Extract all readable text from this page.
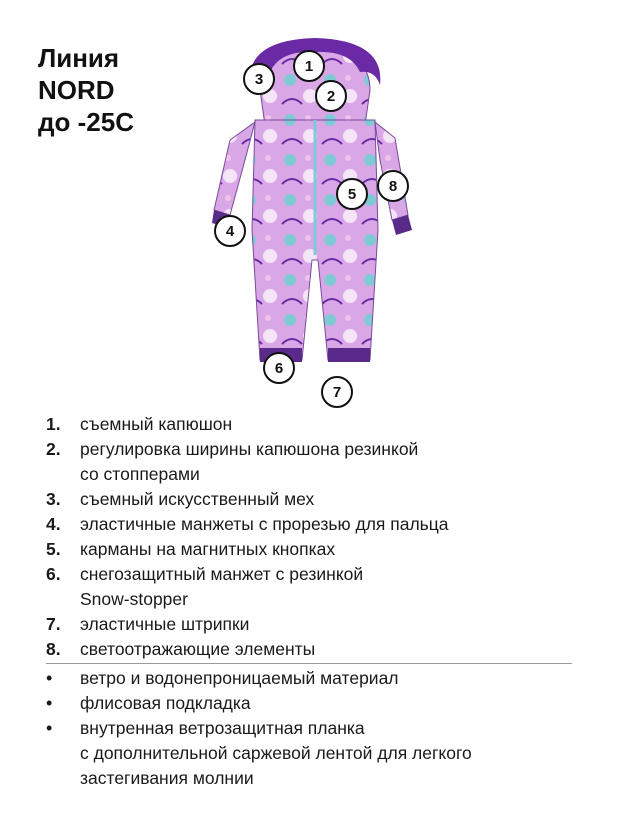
Линия
NORD
до -25С
1
2
3
4
5
6
7
8
1.	съемный капюшон
2.	регулировка ширины капюшона резинкой
со стопперами
3.	съемный искусственный мех
4.	эластичные манжеты с прорезью для пальца
5.	карманы на магнитных кнопках
6.	снегозащитный манжет с резинкой
Snow-stopper
7.	эластичные штрипки
8.	светоотражающие элементы
•	ветро и водонепроницаемый материал
•	флисовая подкладка
•	внутренная ветрозащитная планка
с дополнительной саржевой лентой для легкого
застегивания молнии
